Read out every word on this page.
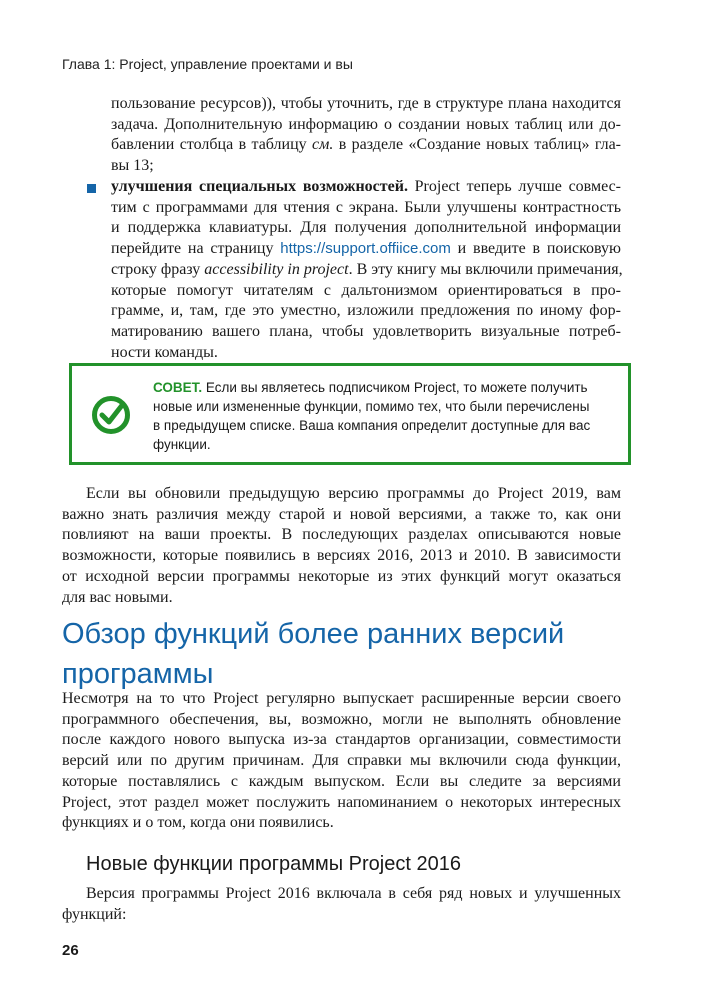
Глава 1: Project, управление проектами и вы
пользование ресурсов)), чтобы уточнить, где в структуре плана находится
задача. Дополнительную информацию о создании новых таблиц или до-
бавлении столбца в таблицу см. в разделе «Создание новых таблиц» гла-
вы 13;
улучшения специальных возможностей. Project теперь лучше совмес-
тим с программами для чтения с экрана. Были улучшены контрастность
и поддержка клавиатуры. Для получения дополнительной информации
перейдите на страницу https://support.offiice.com и введите в поисковую
строку фразу accessibility in project. В эту книгу мы включили примечания,
которые помогут читателям с дальтонизмом ориентироваться в про-
грамме, и, там, где это уместно, изложили предложения по иному фор-
матированию вашего плана, чтобы удовлетворить визуальные потреб-
ности команды.
СОВЕТ. Если вы являетесь подписчиком Project, то можете получить
новые или измененные функции, помимо тех, что были перечислены
в предыдущем списке. Ваша компания определит доступные для вас
функции.
Если вы обновили предыдущую версию программы до Project 2019, вам
важно знать различия между старой и новой версиями, а также то, как они
повлияют на ваши проекты. В последующих разделах описываются новые
возможности, которые появились в версиях 2016, 2013 и 2010. В зависимости
от исходной версии программы некоторые из этих функций могут оказаться
для вас новыми.
Обзор функций более ранних версий
программы
Несмотря на то что Project регулярно выпускает расширенные версии своего
программного обеспечения, вы, возможно, могли не выполнять обновление
после каждого нового выпуска из-за стандартов организации, совместимости
версий или по другим причинам. Для справки мы включили сюда функции,
которые поставлялись с каждым выпуском. Если вы следите за версиями
Project, этот раздел может послужить напоминанием о некоторых интересных
функциях и о том, когда они появились.
Новые функции программы Project 2016
Версия программы Project 2016 включала в себя ряд новых и улучшенных
функций:
26
